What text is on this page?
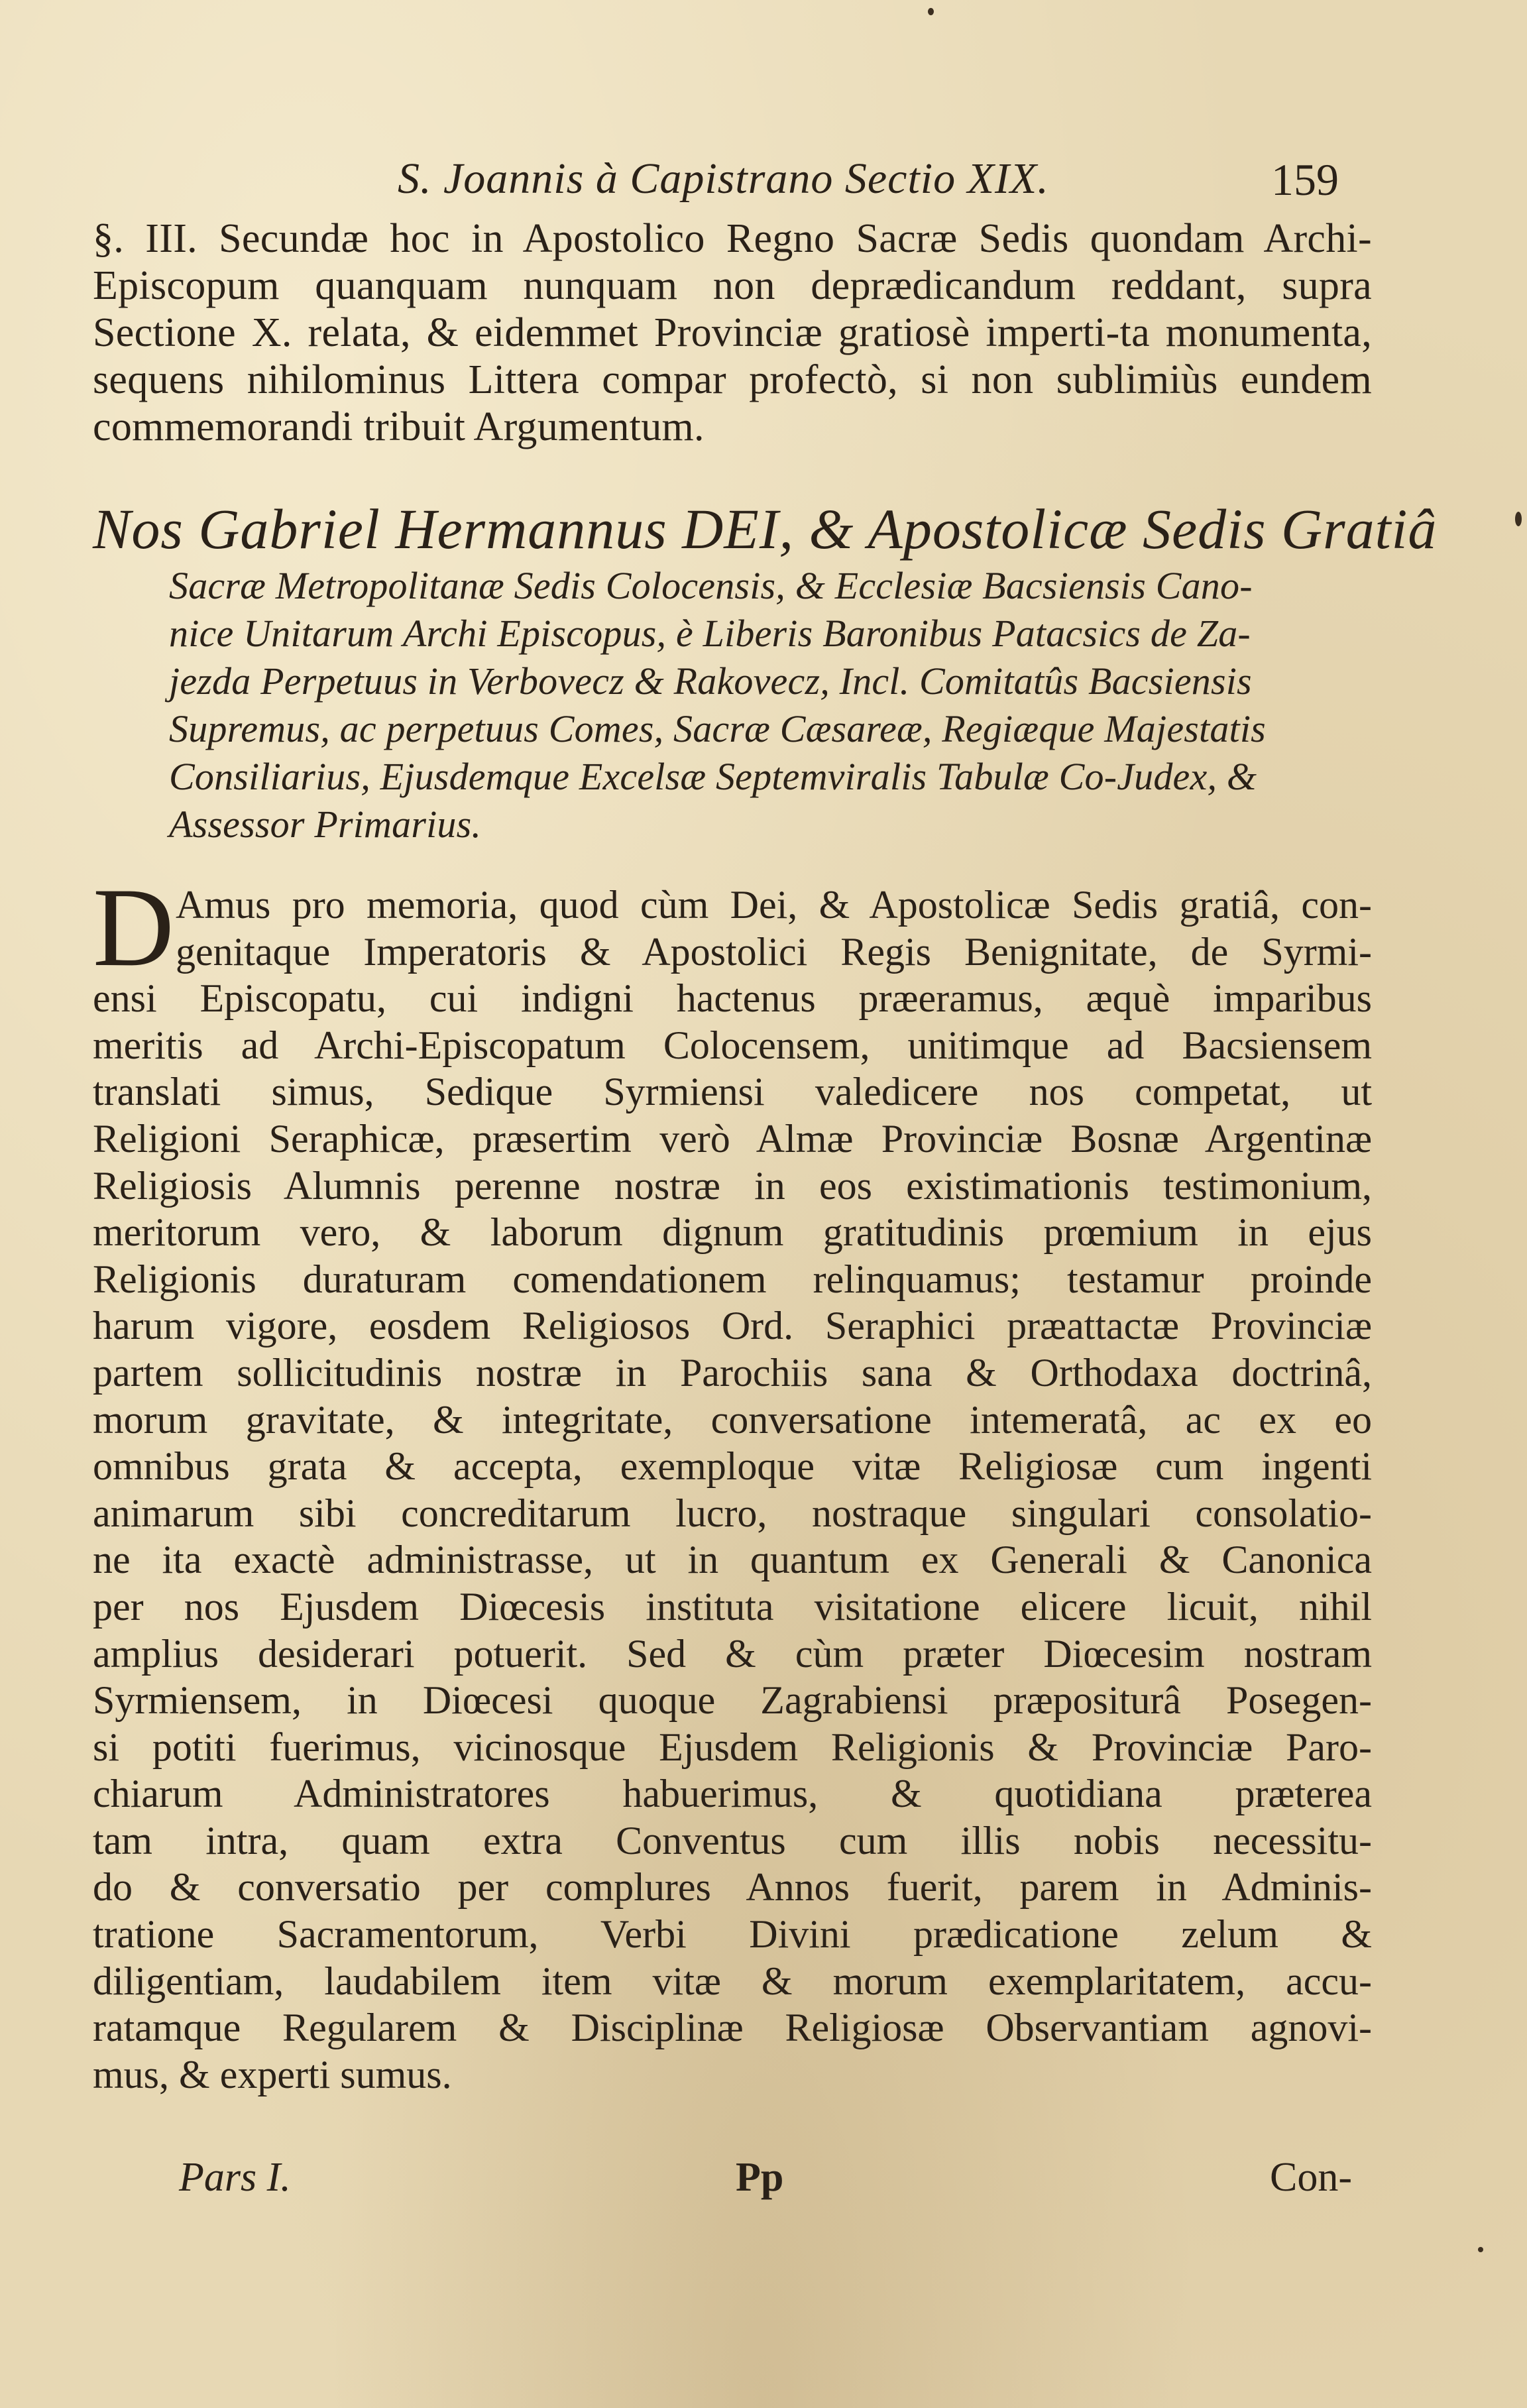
S. Joannis à Capistrano Sectio XIX.	159
§. III. Secundæ hoc in Apostolico Regno Sacræ Sedis quondam Archi-Episcopum quanquam nunquam non deprædicandum reddant, supra Sectione X. relata, & eidemmet Provinciæ gratiosè imperti-ta monumenta, sequens nihilominus Littera compar profectò, si non sublimiùs eundem commemorandi tribuit Argumentum.
Nos Gabriel Hermannus DEI, & Apostolicæ Sedis Gratiâ
Sacræ Metropolitanæ Sedis Colocensis, & Ecclesiæ Bacsiensis Cano-
nice Unitarum Archi Episcopus, è Liberis Baronibus Patacsics de Za-
jezda Perpetuus in Verbovecz & Rakovecz, Incl. Comitatûs Bacsiensis
Supremus, ac perpetuus Comes, Sacræ Cæsareæ, Regiæque Majestatis
Consiliarius, Ejusdemque Excelsæ Septemviralis Tabulæ Co-Judex, &
Assessor Primarius.
D Amus pro memoria, quod cùm Dei, & Apostolicæ Sedis gratiâ, con-
genitaque Imperatoris & Apostolici Regis Benignitate, de Syrmi-
ensi Episcopatu, cui indigni hactenus præeramus, æquè imparibus
meritis ad Archi-Episcopatum Colocensem, unitimque ad Bacsiensem
translati simus, Sedique Syrmiensi valedicere nos competat, ut
Religioni Seraphicæ, præsertim verò Almæ Provinciæ Bosnæ Argentinæ
Religiosis Alumnis perenne nostræ in eos existimationis testimonium,
meritorum vero, & laborum dignum gratitudinis prœmium in ejus
Religionis duraturam comendationem relinquamus; testamur proinde
harum vigore, eosdem Religiosos Ord. Seraphici præattactæ Provinciæ
partem sollicitudinis nostræ in Parochiis sana & Orthodaxa doctrinâ,
morum gravitate, & integritate, conversatione intemeratâ, ac ex eo
omnibus grata & accepta, exemploque vitæ Religiosæ cum ingenti
animarum sibi concreditarum lucro, nostraque singulari consolatio-
ne ita exactè administrasse, ut in quantum ex Generali & Canonica
per nos Ejusdem Diœcesis instituta visitatione elicere licuit, nihil
amplius desiderari potuerit. Sed & cùm præter Diœcesim nostram
Syrmiensem, in Diœcesi quoque Zagrabiensi præpositurâ Posegen-
si potiti fuerimus, vicinosque Ejusdem Religionis & Provinciæ Paro-
chiarum Administratores habuerimus, & quotidiana præterea
tam intra, quam extra Conventus cum illis nobis necessitu-
do & conversatio per complures Annos fuerit, parem in Adminis-
tratione Sacramentorum, Verbi Divini prædicatione zelum &
diligentiam, laudabilem item vitæ & morum exemplaritatem, accu-
ratamque Regularem & Disciplinæ Religiosæ Observantiam agnovi-
mus, & experti sumus.
Pars I.	Pp	Con-
